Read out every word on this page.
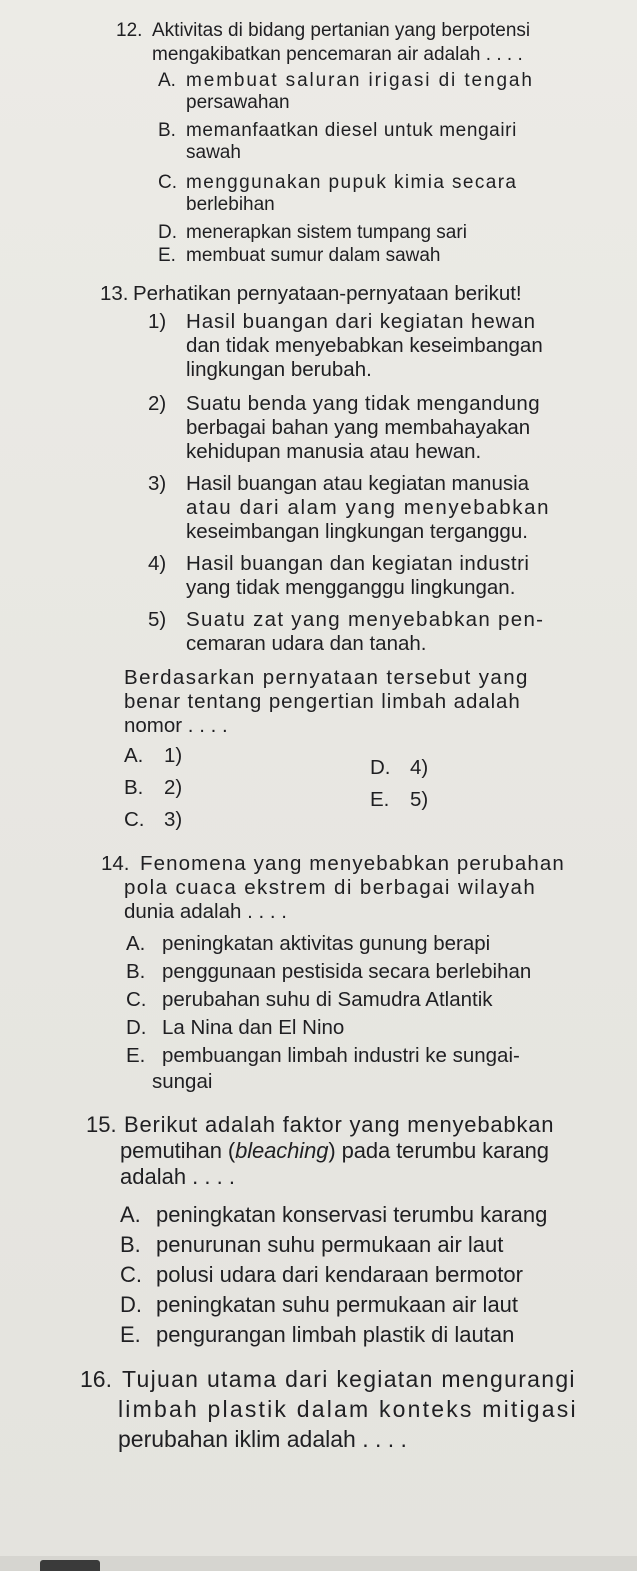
12. Aktivitas di bidang pertanian yang berpotensi
mengakibatkan pencemaran air adalah . . . .
A. membuat saluran irigasi di tengah
persawahan
B. memanfaatkan diesel untuk mengairi
sawah
C. menggunakan pupuk kimia secara
berlebihan
D. menerapkan sistem tumpang sari
E. membuat sumur dalam sawah
13. Perhatikan pernyataan-pernyataan berikut!
1) Hasil buangan dari kegiatan hewan
dan tidak menyebabkan keseimbangan
lingkungan berubah.
2) Suatu benda yang tidak mengandung
berbagai bahan yang membahayakan
kehidupan manusia atau hewan.
3) Hasil buangan atau kegiatan manusia
atau dari alam yang menyebabkan
keseimbangan lingkungan terganggu.
4) Hasil buangan dan kegiatan industri
yang tidak mengganggu lingkungan.
5) Suatu zat yang menyebabkan pen-
cemaran udara dan tanah.
Berdasarkan pernyataan tersebut yang
benar tentang pengertian limbah adalah
nomor . . . .
A. 1)
B. 2)
C. 3)
D. 4)
E. 5)
14. Fenomena yang menyebabkan perubahan
pola cuaca ekstrem di berbagai wilayah
dunia adalah . . . .
A. peningkatan aktivitas gunung berapi
B. penggunaan pestisida secara berlebihan
C. perubahan suhu di Samudra Atlantik
D. La Nina dan El Nino
E. pembuangan limbah industri ke sungai-
sungai
15. Berikut adalah faktor yang menyebabkan
pemutihan (bleaching) pada terumbu karang
adalah . . . .
A. peningkatan konservasi terumbu karang
B. penurunan suhu permukaan air laut
C. polusi udara dari kendaraan bermotor
D. peningkatan suhu permukaan air laut
E. pengurangan limbah plastik di lautan
16. Tujuan utama dari kegiatan mengurangi
limbah plastik dalam konteks mitigasi
perubahan iklim adalah . . . .
